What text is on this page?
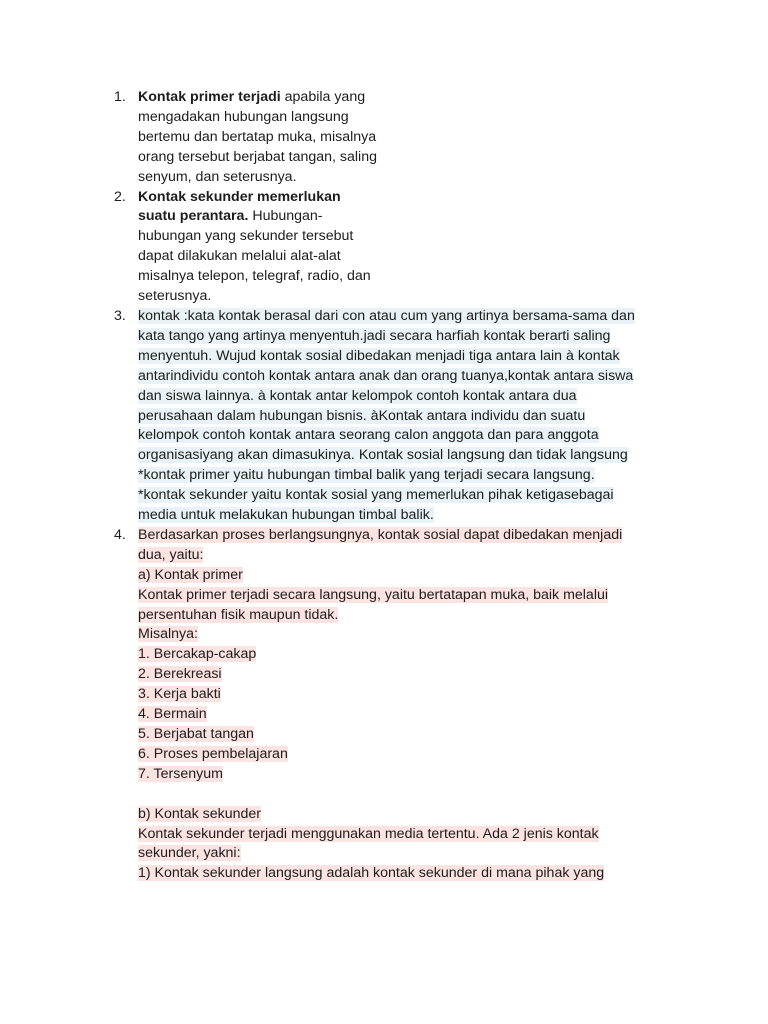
1. Kontak primer terjadi apabila yang
mengadakan hubungan langsung
bertemu dan bertatap muka, misalnya
orang tersebut berjabat tangan, saling
senyum, dan seterusnya.
2. Kontak sekunder memerlukan
suatu perantara. Hubungan-
hubungan yang sekunder tersebut
dapat dilakukan melalui alat-alat
misalnya telepon, telegraf, radio, dan
seterusnya.
3. kontak :kata kontak berasal dari con atau cum yang artinya bersama-sama dan
kata tango yang artinya menyentuh.jadi secara harfiah kontak berarti saling
menyentuh. Wujud kontak sosial dibedakan menjadi tiga antara lain à kontak
antarindividu contoh kontak antara anak dan orang tuanya,kontak antara siswa
dan siswa lainnya. à kontak antar kelompok contoh kontak antara dua
perusahaan dalam hubungan bisnis. àKontak antara individu dan suatu
kelompok contoh kontak antara seorang calon anggota dan para anggota
organisasiyang akan dimasukinya. Kontak sosial langsung dan tidak langsung
*kontak primer yaitu hubungan timbal balik yang terjadi secara langsung.
*kontak sekunder yaitu kontak sosial yang memerlukan pihak ketigasebagai
media untuk melakukan hubungan timbal balik.
4. Berdasarkan proses berlangsungnya, kontak sosial dapat dibedakan menjadi
dua, yaitu:
a) Kontak primer
Kontak primer terjadi secara langsung, yaitu bertatapan muka, baik melalui
persentuhan fisik maupun tidak.
Misalnya:
1. Bercakap-cakap
2. Berekreasi
3. Kerja bakti
4. Bermain
5. Berjabat tangan
6. Proses pembelajaran
7. Tersenyum
b) Kontak sekunder
Kontak sekunder terjadi menggunakan media tertentu. Ada 2 jenis kontak
sekunder, yakni:
1) Kontak sekunder langsung adalah kontak sekunder di mana pihak yang
